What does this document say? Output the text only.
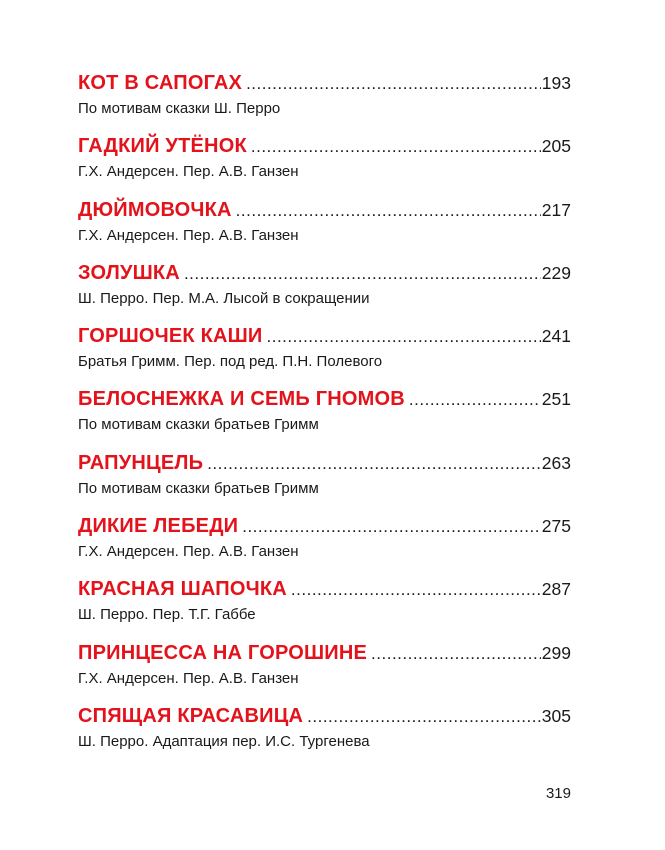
КОТ В САПОГАХ .....	193
По мотивам сказки Ш. Перро
ГАДКИЙ УТЁНОК .....	205
Г.Х. Андерсен. Пер. А.В. Ганзен
ДЮЙМОВОЧКА .....	217
Г.Х. Андерсен. Пер. А.В. Ганзен
ЗОЛУШКА .....	229
Ш. Перро. Пер. М.А. Лысой в сокращении
ГОРШОЧЕК КАШИ .....	241
Братья Гримм. Пер. под ред. П.Н. Полевого
БЕЛОСНЕЖКА И СЕМЬ ГНОМОВ .....	251
По мотивам сказки братьев Гримм
РАПУНЦЕЛЬ .....	263
По мотивам сказки братьев Гримм
ДИКИЕ ЛЕБЕДИ .....	275
Г.Х. Андерсен. Пер. А.В. Ганзен
КРАСНАЯ ШАПОЧКА .....	287
Ш. Перро. Пер. Т.Г. Габбе
ПРИНЦЕССА НА ГОРОШИНЕ .....	299
Г.Х. Андерсен. Пер. А.В. Ганзен
СПЯЩАЯ КРАСАВИЦА .....	305
Ш. Перро. Адаптация пер. И.С. Тургенева
319
